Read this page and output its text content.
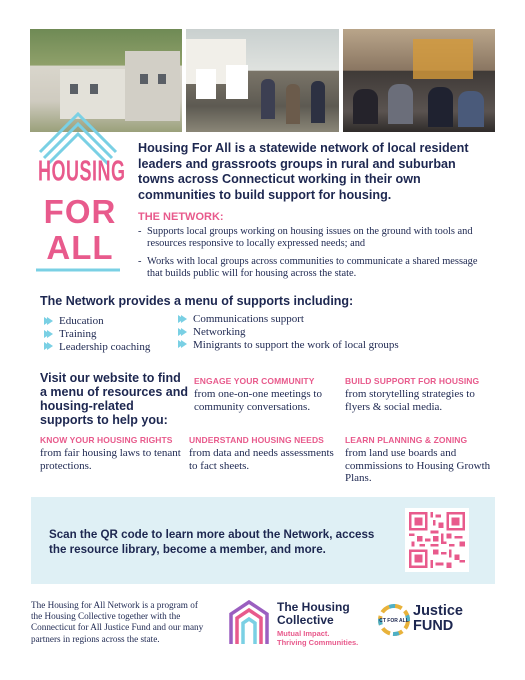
HOUSING
FOR
ALL

Housing For All is a statewide network of local resident leaders and grassroots groups in rural and suburban towns across Connecticut working in their own communities to build support for housing.

THE NETWORK:
- Supports local groups working on housing issues on the ground with tools and resources responsive to locally expressed needs; and
- Works with local groups across communities to communicate a shared message that builds public will for housing across the state.
The Network provides a menu of supports including:
Education
Training
Leadership coaching
Communications support
Networking
Minigrants to support the work of local groups

Visit our website to find a menu of resources and housing-related supports to help you:

ENGAGE YOUR COMMUNITY
from one-on-one meetings to community conversations.
BUILD SUPPORT FOR HOUSING
from storytelling strategies to flyers & social media.
KNOW YOUR HOUSING RIGHTS
from fair housing laws to tenant protections.
UNDERSTAND HOUSING NEEDS
from data and needs assessments to fact sheets.
LEARN PLANNING & ZONING
from land use boards and commissions to Housing Growth Plans.

Scan the QR code to learn more about the Network, access the resource library, become a member, and more.

The Housing for All Network is a program of the Housing Collective together with the Connecticut for All Justice Fund and our many partners in regions across the state.

The Housing
Collective
Mutual Impact.
Thriving Communities.
CT FOR ALL
Justice
FUND
